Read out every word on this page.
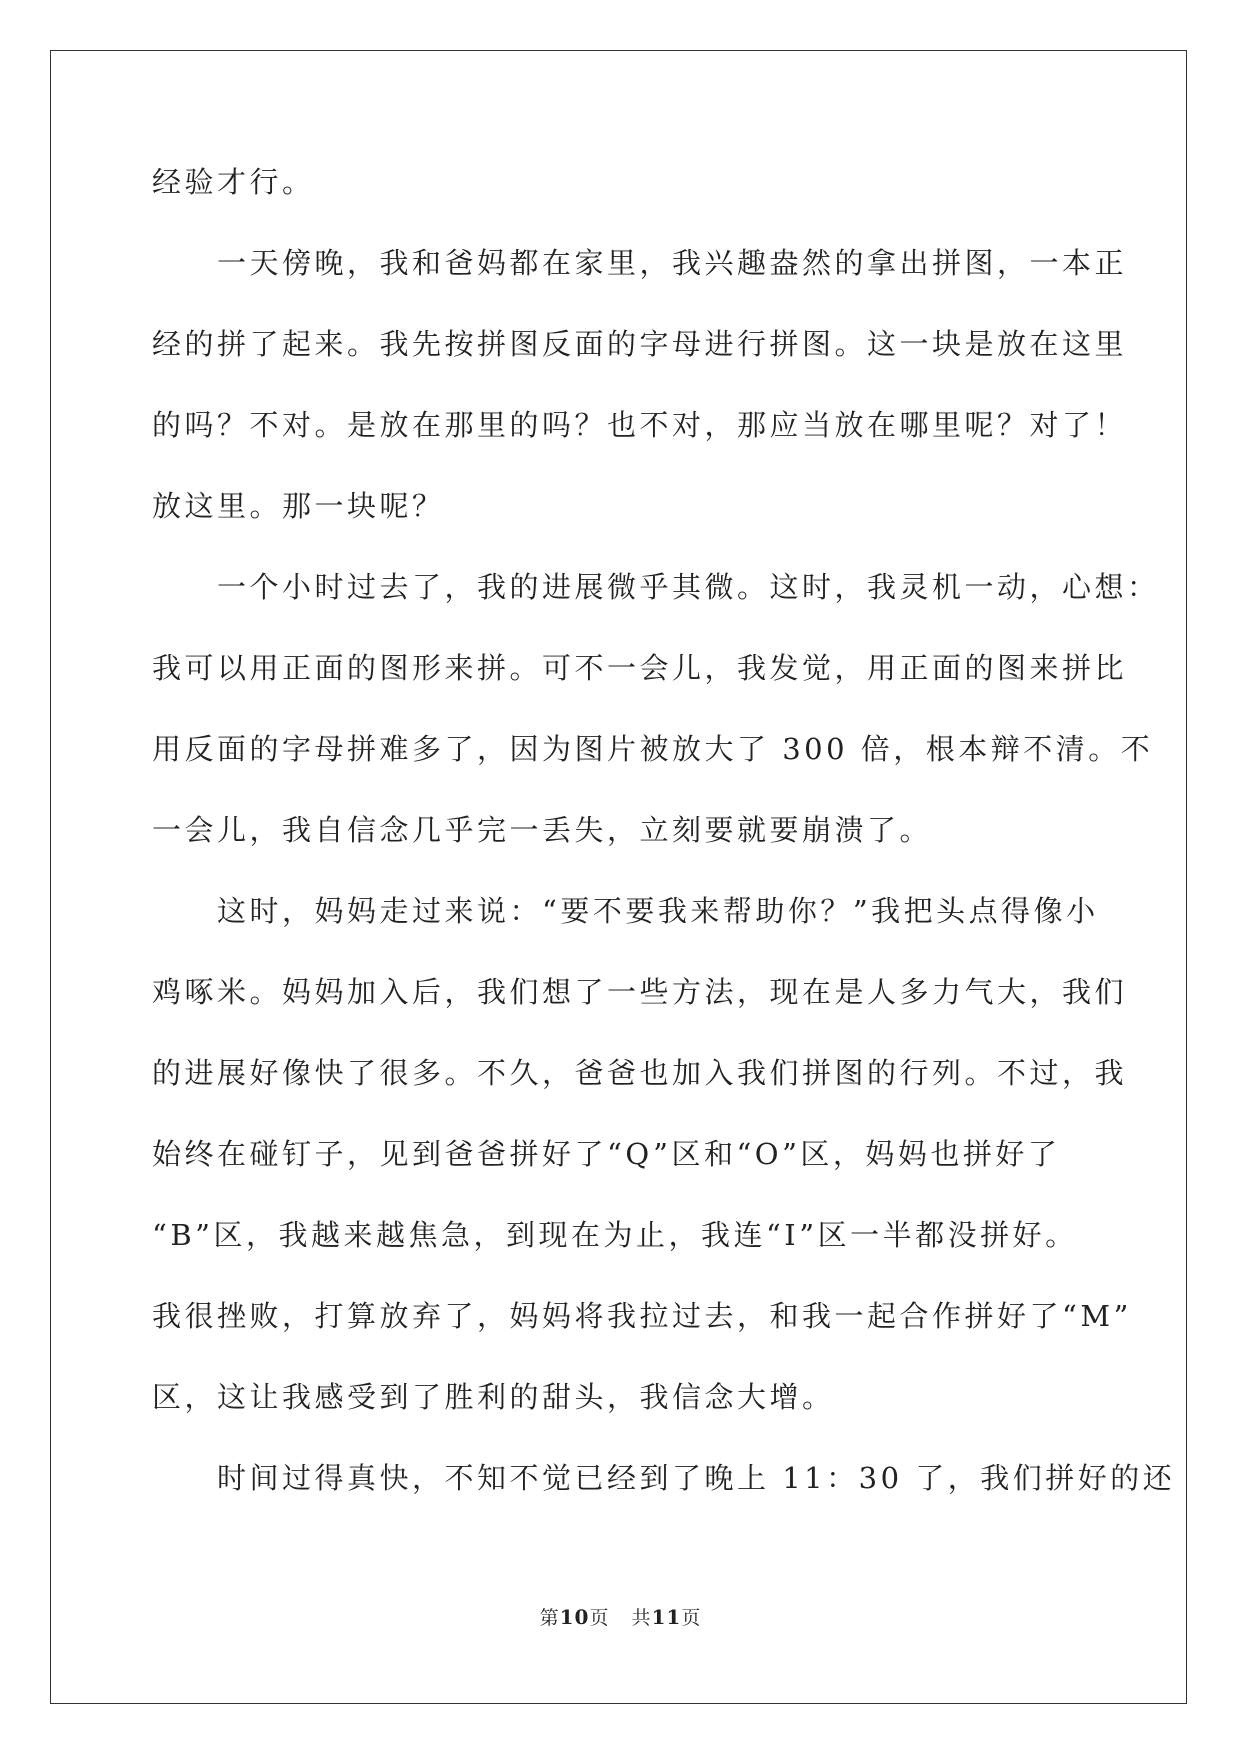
经验才行。
　　一天傍晚，我和爸妈都在家里，我兴趣盎然的拿出拼图，一本正
经的拼了起来。我先按拼图反面的字母进行拼图。这一块是放在这里
的吗？不对。是放在那里的吗？也不对，那应当放在哪里呢？对了！
放这里。那一块呢？
　　一个小时过去了，我的进展微乎其微。这时，我灵机一动，心想：
我可以用正面的图形来拼。可不一会儿，我发觉，用正面的图来拼比
用反面的字母拼难多了，因为图片被放大了 300 倍，根本辩不清。不
一会儿，我自信念几乎完一丢失，立刻要就要崩溃了。
　　这时，妈妈走过来说：“要不要我来帮助你？”我把头点得像小
鸡啄米。妈妈加入后，我们想了一些方法，现在是人多力气大，我们
的进展好像快了很多。不久，爸爸也加入我们拼图的行列。不过，我
始终在碰钉子，见到爸爸拼好了“Q”区和“O”区，妈妈也拼好了
“B”区，我越来越焦急，到现在为止，我连“I”区一半都没拼好。
我很挫败，打算放弃了，妈妈将我拉过去，和我一起合作拼好了“M”
区，这让我感受到了胜利的甜头，我信念大增。
　　时间过得真快，不知不觉已经到了晚上 11：30 了，我们拼好的还
第10页 共11页
